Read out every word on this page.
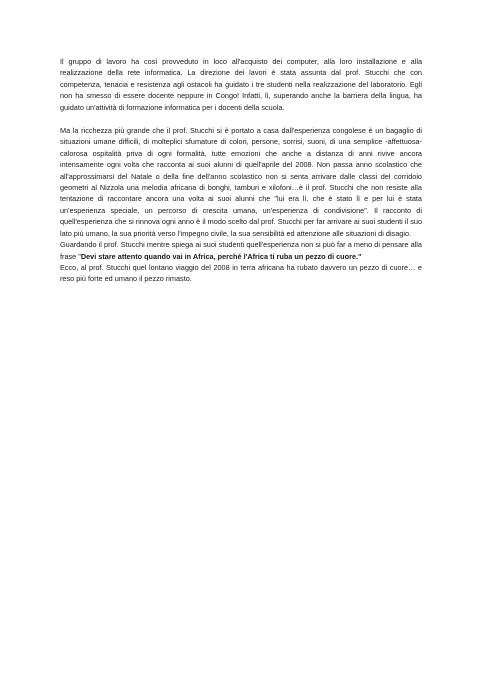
Il gruppo di lavoro ha così provveduto in loco all'acquisto dei computer, alla loro installazione e alla realizzazione della rete informatica. La direzione dei lavori è stata assunta dal prof. Stucchi che con competenza, tenacia e resistenza agli ostacoli ha guidato i tre studenti nella realizzazione del laboratorio. Egli non ha smesso di essere docente neppure in Congo! Infatti, lì, superando anche la barriera della lingua, ha guidato un'attività di formazione informatica per i docenti della scuola.

Ma la ricchezza più grande che il prof. Stucchi si è portato a casa dall'esperienza congolese è un bagaglio di situazioni umane difficili, di molteplici sfumature di colori, persone, sorrisi, suoni, di una semplice -affettuosa-calorosa ospitalità priva di ogni formalità, tutte emozioni che anche a distanza di anni rivive ancora intensamente ogni volta che racconta ai suoi alunni di quell'aprile del 2008. Non passa anno scolastico che all'approssimarsi del Natale o della fine dell'anno scolastico non si senta arrivare dalle classi del corridoio geometri al Nizzola una melodia africana di bonghi, tamburi e xilofoni…è il prof. Stucchi che non resiste alla tentazione di raccontare ancora una volta ai suoi alunni che "lui era lì, che è stato lì e per lui è stata un'esperienza speciale, un percorso di crescita umana, un'esperienza di condivisione". Il racconto di quell'esperienza che si rinnova ogni anno è il modo scelto dal prof. Stucchi per far arrivare ai suoi studenti il suo lato più umano, la sua priorità verso l'impegno civile, la sua sensibilità ed attenzione alle situazioni di disagio.

Guardando il prof. Stucchi mentre spiega ai suoi studenti quell'esperienza non si può far a meno di pensare alla frase "Devi stare attento quando vai in Africa, perché l'Africa ti ruba un pezzo di cuore."

Ecco, al prof. Stucchi quel lontano viaggio del 2008 in terra africana ha rubato davvero un pezzo di cuore… e reso più forte ed umano il pezzo rimasto.
